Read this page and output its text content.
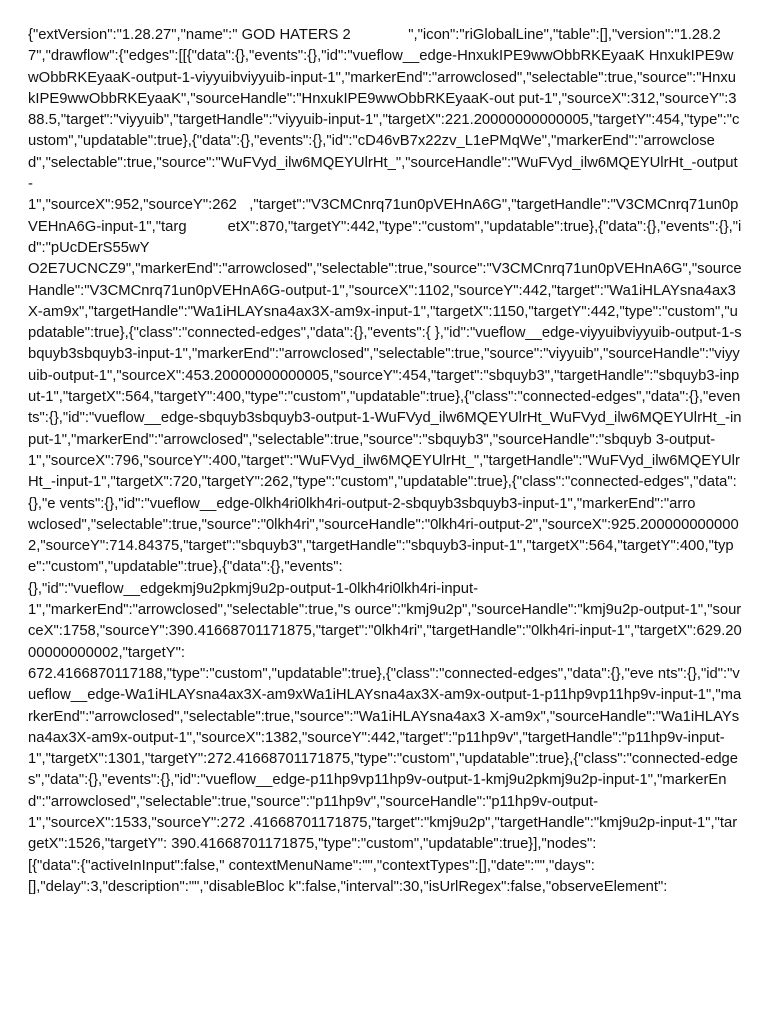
{"extVersion":"1.28.27","name":" GOD HATERS 2              ","icon":"riGlobalLine","table":[],"version":"1.28.27","drawflow":{"edges":[[{"data":{},"events":{},"id":"vueflow__edge-HnxukIPE9wwObbRKEyaaK HnxukIPE9wwObbRKEyaaK-output-1-viyyuibviyyuib-input-1","markerEnd":"arrowclosed","selectable":true,"source":"HnxukIPE9wwObbRKEyaaK","sourceHandle":"HnxukIPE9wwObbRKEyaaK-out put-1","sourceX":312,"sourceY":388.5,"target":"viyyuib","targetHandle":"viyyuib-input-1","targetX":221.20000000000005,"targetY":454,"type":"custom","updatable":true},{"data":{},"events":{},"id":"cD46vB7x22zv_L1ePMqWe","markerEnd":"arrowclosed","selectable":true,"source":"WuFVyd_ilw6MQEYUlrHt_","sourceHandle":"WuFVyd_ilw6MQEYUlrHt_-output-
1","sourceX":952,"sourceY":262   ,"target":"V3CMCnrq71un0pVEHnA6G","targetHandle":"V3CMCnrq71un0pVEHnA6G-input-1","targ          etX":870,"targetY":442,"type":"custom","updatable":true},{"data":{},"events":{},"id":"pUcDErS55wY
O2E7UCNCZ9","markerEnd":"arrowclosed","selectable":true,"source":"V3CMCnrq71un0pVEHnA6G","sourceHandle":"V3CMCnrq71un0pVEHnA6G-output-1","sourceX":1102,"sourceY":442,"target":"Wa1iHLAYsna4ax3X-am9x","targetHandle":"Wa1iHLAYsna4ax3X-am9x-input-1","targetX":1150,"targetY":442,"type":"custom","updatable":true},{"class":"connected-edges","data":{},"events":{ },"id":"vueflow__edge-viyyuibviyyuib-output-1-sbquyb3sbquyb3-input-1","markerEnd":"arrowclosed","selectable":true,"source":"viyyuib","sourceHandle":"viyyuib-output-1","sourceX":453.20000000000005,"sourceY":454,"target":"sbquyb3","targetHandle":"sbquyb3-input-1","targetX":564,"targetY":400,"type":"custom","updatable":true},{"class":"connected-edges","data":{},"events":{},"id":"vueflow__edge-sbquyb3sbquyb3-output-1-WuFVyd_ilw6MQEYUlrHt_WuFVyd_ilw6MQEYUlrHt_-in put-1","markerEnd":"arrowclosed","selectable":true,"source":"sbquyb3","sourceHandle":"sbquyb 3-output-1","sourceX":796,"sourceY":400,"target":"WuFVyd_ilw6MQEYUlrHt_","targetHandle":"WuFVyd_ilw6MQEYUlrHt_-input-1","targetX":720,"targetY":262,"type":"custom","updatable":true},{"class":"connected-edges","data":{},"e vents":{},"id":"vueflow__edge-0lkh4ri0lkh4ri-output-2-sbquyb3sbquyb3-input-1","markerEnd":"arro
wclosed","selectable":true,"source":"0lkh4ri","sourceHandle":"0lkh4ri-output-2","sourceX":925.2000000000002,"sourceY":714.84375,"target":"sbquyb3","targetHandle":"sbquyb3-input-1","targetX":564,"targetY":400,"type":"custom","updatable":true},{"data":{},"events":
{},"id":"vueflow__edgekmj9u2pkmj9u2p-output-1-0lkh4ri0lkh4ri-input-
1","markerEnd":"arrowclosed","selectable":true,"s ource":"kmj9u2p","sourceHandle":"kmj9u2p-output-1","sourceX":1758,"sourceY":390.41668701171875,"target":"0lkh4ri","targetHandle":"0lkh4ri-input-1","targetX":629.2000000000002,"targetY":
672.4166870117188,"type":"custom","updatable":true},{"class":"connected-edges","data":{},"eve nts":{},"id":"vueflow__edge-Wa1iHLAYsna4ax3X-am9xWa1iHLAYsna4ax3X-am9x-output-1-p11hp9vp11hp9v-input-1","markerEnd":"arrowclosed","selectable":true,"source":"Wa1iHLAYsna4ax3 X-am9x","sourceHandle":"Wa1iHLAYsna4ax3X-am9x-output-1","sourceX":1382,"sourceY":442,"target":"p11hp9v","targetHandle":"p11hp9v-input-1","targetX":1301,"targetY":272.41668701171875,"type":"custom","updatable":true},{"class":"connected-edges","data":{},"events":{},"id":"vueflow__edge-p11hp9vp11hp9v-output-1-kmj9u2pkmj9u2p-input-1","markerEnd":"arrowclosed","selectable":true,"source":"p11hp9v","sourceHandle":"p11hp9v-output-
1","sourceX":1533,"sourceY":272 .41668701171875,"target":"kmj9u2p","targetHandle":"kmj9u2p-input-1","targetX":1526,"targetY": 390.41668701171875,"type":"custom","updatable":true}],"nodes":
[{"data":{"activeInInput":false," contextMenuName":"","contextTypes":[],"date":"","days":
[],"delay":3,"description":"","disableBloc k":false,"interval":30,"isUrlRegex":false,"observeElement":
